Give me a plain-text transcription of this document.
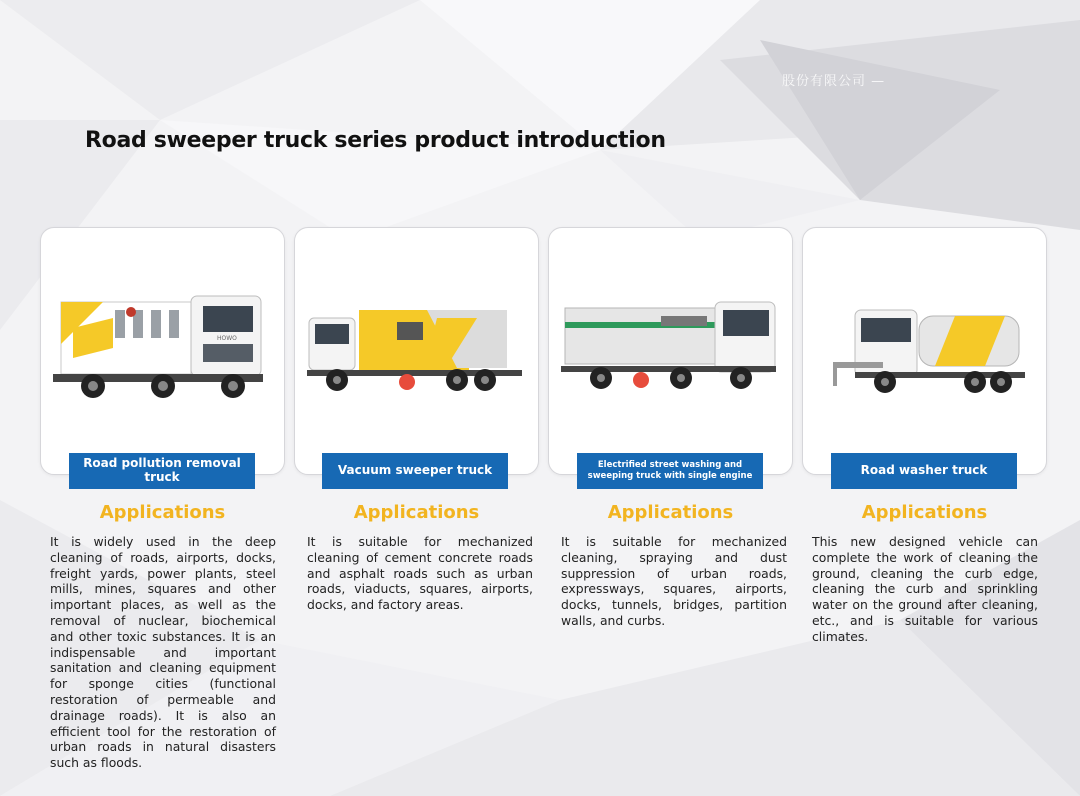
股份有限公司 —
Road sweeper truck series product introduction
HOWO
Road pollution removal truck
Applications

It is widely used in the deep cleaning of roads, airports, docks, freight yards, power plants, steel mills, mines, squares and other important places, as well as the removal of nuclear, biochemical and other toxic substances. It is an indispensable and important sanitation and cleaning equipment for sponge cities (functional restoration of permeable and drainage roads). It is also an efficient tool for the restoration of urban roads in natural disasters such as floods.

Vacuum sweeper truck
Applications

It is suitable for mechanized cleaning of cement concrete roads and asphalt roads such as urban roads, viaducts, squares, airports, docks, and factory areas.

Electrified street washing and sweeping truck with single engine
Applications

It is suitable for mechanized cleaning, spraying and dust suppression of urban roads, expressways, squares, airports, docks, tunnels, bridges, partition walls, and curbs.

Road washer truck
Applications

This new designed vehicle can complete the work of cleaning the ground, cleaning the curb edge, cleaning the curb and sprinkling water on the ground after cleaning, etc., and is suitable for various climates.
